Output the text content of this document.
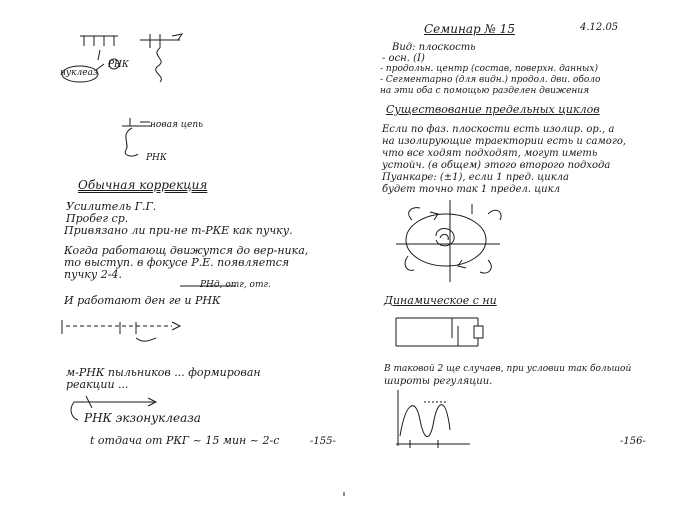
нуклеаз
РНК
новая цепь
РНК
Обычная коррекция
Усилитель Г.Г.
Пробег ср.
Привязано ли при-не т-РКЕ как пучку.
Когда работающ движутся до вер-ника,
то выступ. в фокусе Р.Е. появляется
пучку 2-4.
РНд, отг, отг.
И работают ден ге и РНК
м-РНК пыльников ... формирован
реакции ...
РНК экзонуклеаза
t отдача от РКГ ~ 15 мин ~ 2-с	-155-
Семинар № 15	4.12.05
Вид: плоскость
- осн. (I)
- продольн. центр (состав, поверхн. данных)
- Сегментарно (для видн.) продол. дви. оболо
на эти оба с помощью разделен движения
Существование предельных циклов
Если по фаз. плоскости есть изолир. ор., а
на изолирующие траектории есть и самого,
что все ходят подходят, могут иметь
устойч. (в общем) этого второго подхода
Пуанкаре: (±1), если 1 пред. цикла
будет точно так 1 предел. цикл
Динамическое с ни
В таковой 2 ще случаев, при условии так большой
широты регуляции.
-156-
